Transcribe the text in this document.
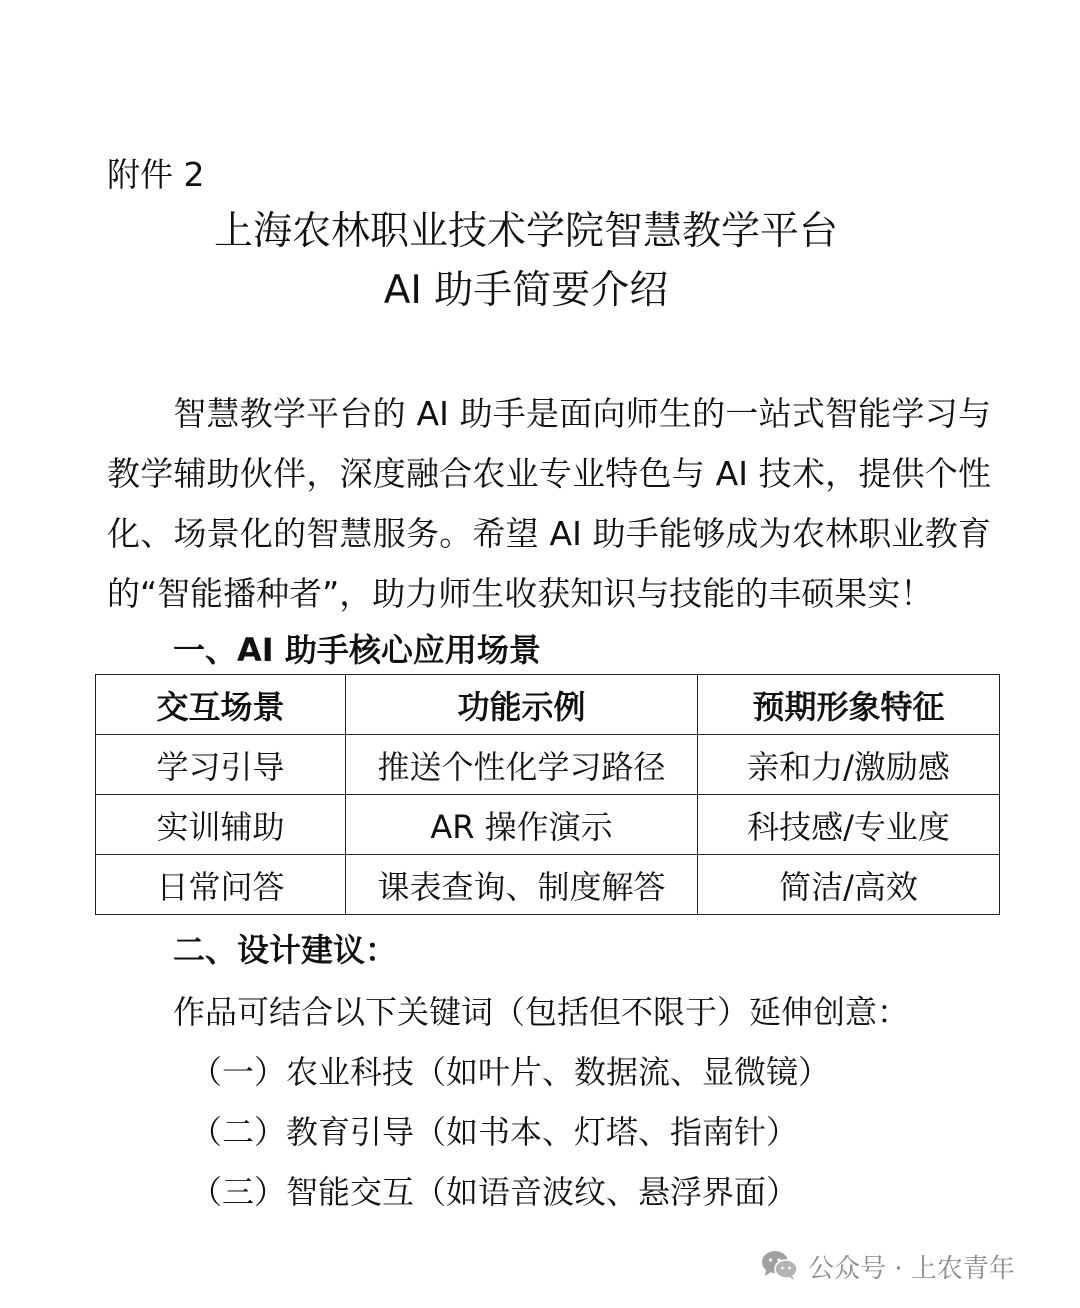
附件 2
上海农林职业技术学院智慧教学平台
AI 助手简要介绍
智慧教学平台的 AI 助手是面向师生的一站式智能学习与教学辅助伙伴，深度融合农业专业特色与 AI 技术，提供个性化、场景化的智慧服务。希望 AI 助手能够成为农林职业教育的“智能播种者”，助力师生收获知识与技能的丰硕果实！
一、AI 助手核心应用场景
交互场景	功能示例	预期形象特征
学习引导	推送个性化学习路径	亲和力/激励感
实训辅助	AR 操作演示	科技感/专业度
日常问答	课表查询、制度解答	简洁/高效
二、设计建议：
作品可结合以下关键词（包括但不限于）延伸创意：
（一）农业科技（如叶片、数据流、显微镜）
（二）教育引导（如书本、灯塔、指南针）
（三）智能交互（如语音波纹、悬浮界面）
公众号 · 上农青年
